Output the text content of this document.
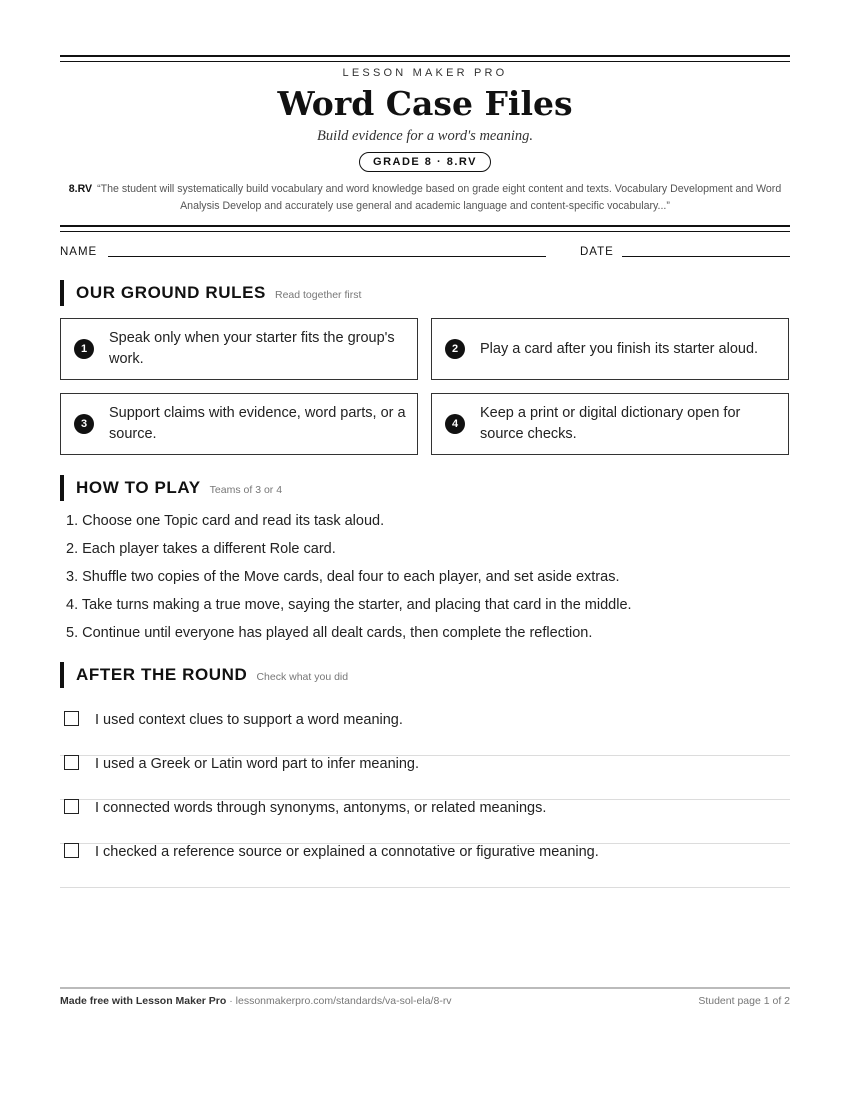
LESSON MAKER PRO
Word Case Files
Build evidence for a word's meaning.
GRADE 8 · 8.RV
8.RV “The student will systematically build vocabulary and word knowledge based on grade eight content and texts. Vocabulary Development and Word Analysis Develop and accurately use general and academic language and content-specific vocabulary...”
NAME	DATE
OUR GROUND RULES Read together first
1
Speak only when your starter fits the group's work.
2	Play a card after you finish its starter aloud.
3
Support claims with evidence, word parts, or a source.
4
Keep a print or digital dictionary open for source checks.
HOW TO PLAY Teams of 3 or 4
1. Choose one Topic card and read its task aloud.
2. Each player takes a different Role card.
3. Shuffle two copies of the Move cards, deal four to each player, and set aside extras.
4. Take turns making a true move, saying the starter, and placing that card in the middle.
5. Continue until everyone has played all dealt cards, then complete the reflection.
AFTER THE ROUND Check what you did
I used context clues to support a word meaning.
I used a Greek or Latin word part to infer meaning.
I connected words through synonyms, antonyms, or related meanings.
I checked a reference source or explained a connotative or figurative meaning.
Made free with Lesson Maker Pro · lessonmakerpro.com/standards/va-sol-ela/8-rv	Student page 1 of 2
